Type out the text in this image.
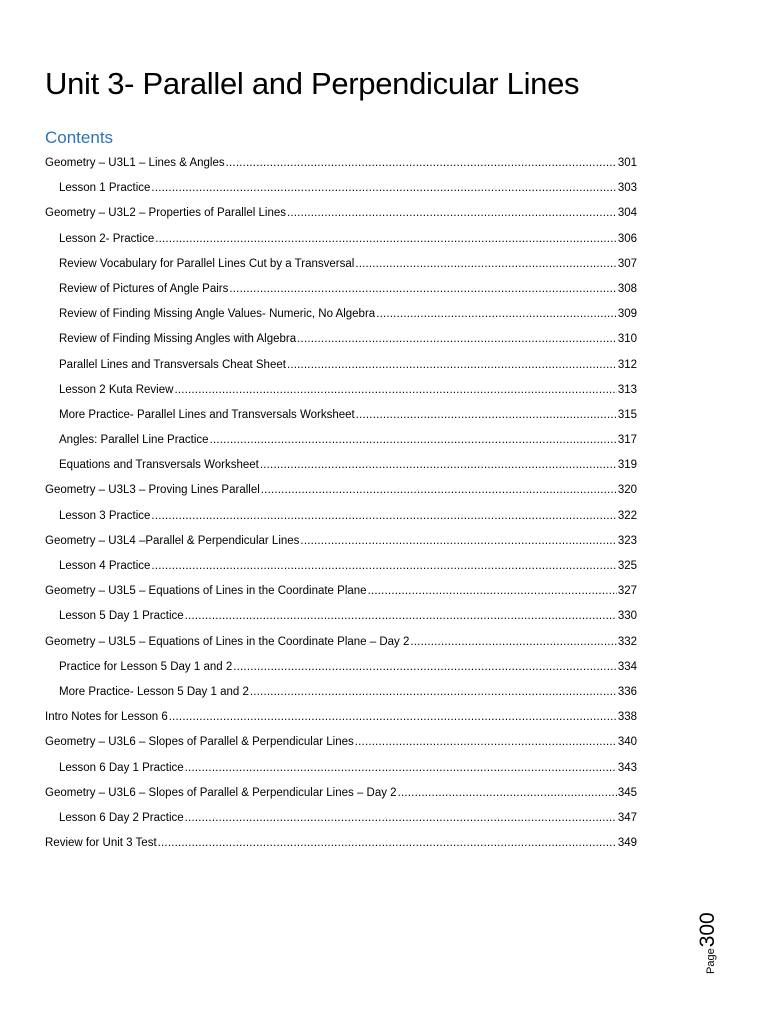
Unit 3- Parallel and Perpendicular Lines
Contents
Geometry – U3L1 – Lines & Angles .....	301
Lesson 1 Practice .....	303
Geometry – U3L2 – Properties of Parallel Lines .....	304
Lesson 2- Practice .....	306
Review Vocabulary for Parallel Lines Cut by a Transversal .....	307
Review of Pictures of Angle Pairs .....	308
Review of Finding Missing Angle Values- Numeric, No Algebra .....	309
Review of Finding Missing Angles with Algebra .....	310
Parallel Lines and Transversals Cheat Sheet .....	312
Lesson 2 Kuta Review .....	313
More Practice- Parallel Lines and Transversals Worksheet .....	315
Angles: Parallel Line Practice .....	317
Equations and Transversals Worksheet .....	319
Geometry – U3L3 – Proving Lines Parallel .....	320
Lesson 3 Practice .....	322
Geometry – U3L4 –Parallel & Perpendicular Lines .....	323
Lesson 4 Practice .....	325
Geometry – U3L5 – Equations of Lines in the Coordinate Plane .....	327
Lesson 5 Day 1 Practice .....	330
Geometry – U3L5 – Equations of Lines in the Coordinate Plane – Day 2 .....	332
Practice for Lesson 5 Day 1 and 2 .....	334
More Practice- Lesson 5 Day 1 and 2 .....	336
Intro Notes for Lesson 6 .....	338
Geometry – U3L6 – Slopes of Parallel & Perpendicular Lines .....	340
Lesson 6 Day 1 Practice .....	343
Geometry – U3L6 – Slopes of Parallel & Perpendicular Lines – Day 2 .....	345
Lesson 6 Day 2 Practice .....	347
Review for Unit 3 Test .....	349
Page
300
